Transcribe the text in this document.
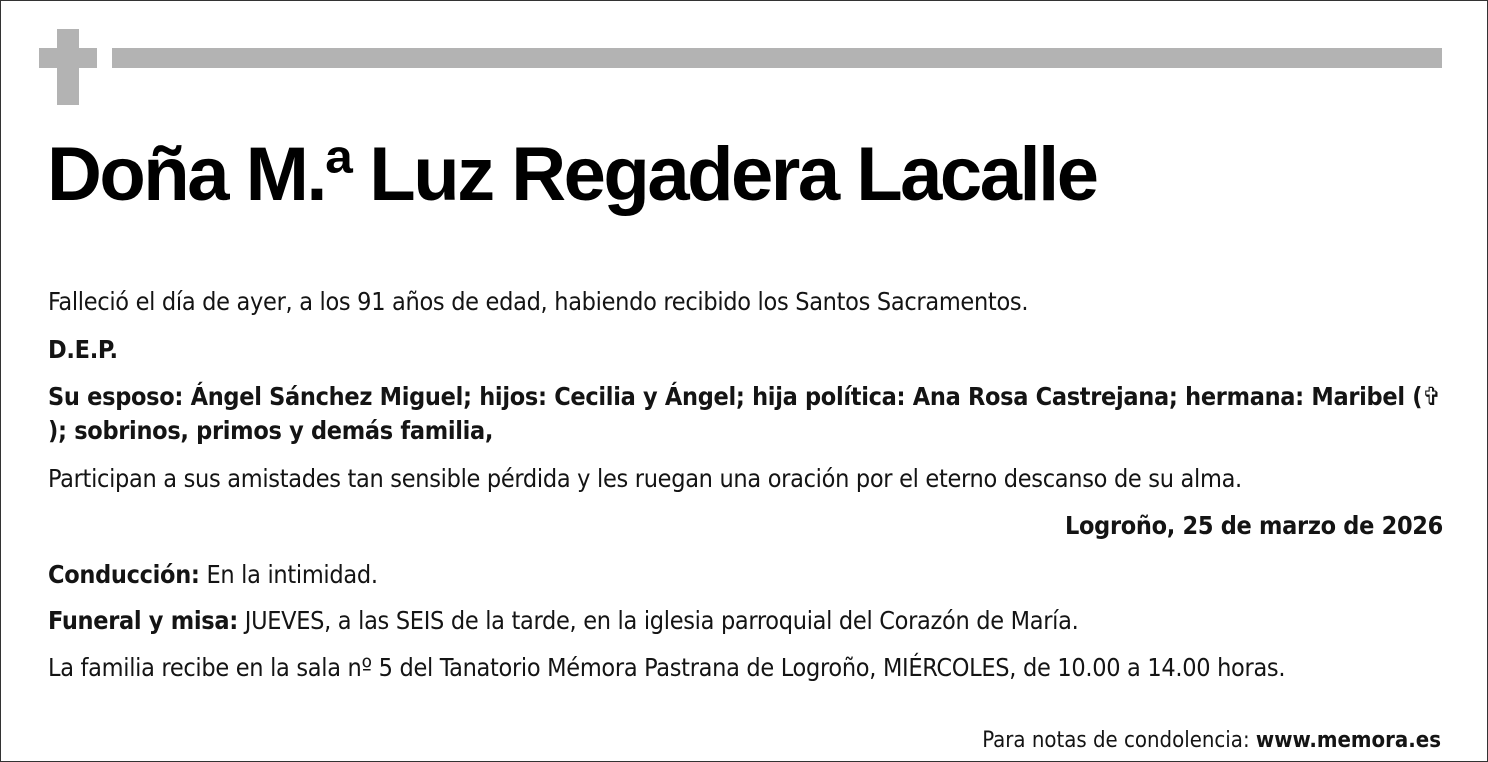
Doña M.ª Luz Regadera Lacalle

Falleció el día de ayer, a los 91 años de edad, habiendo recibido los Santos Sacramentos.

D.E.P.

Su esposo: Ángel Sánchez Miguel; hijos: Cecilia y Ángel; hija política: Ana Rosa Castrejana; hermana: Maribel (✞); sobrinos, primos y demás familia,

Participan a sus amistades tan sensible pérdida y les ruegan una oración por el eterno descanso de su alma.

Logroño, 25 de marzo de 2026

Conducción: En la intimidad.

Funeral y misa: JUEVES, a las SEIS de la tarde, en la iglesia parroquial del Corazón de María.

La familia recibe en la sala nº 5 del Tanatorio Mémora Pastrana de Logroño, MIÉRCOLES, de 10.00 a 14.00 horas.

Para notas de condolencia: www.memora.es
